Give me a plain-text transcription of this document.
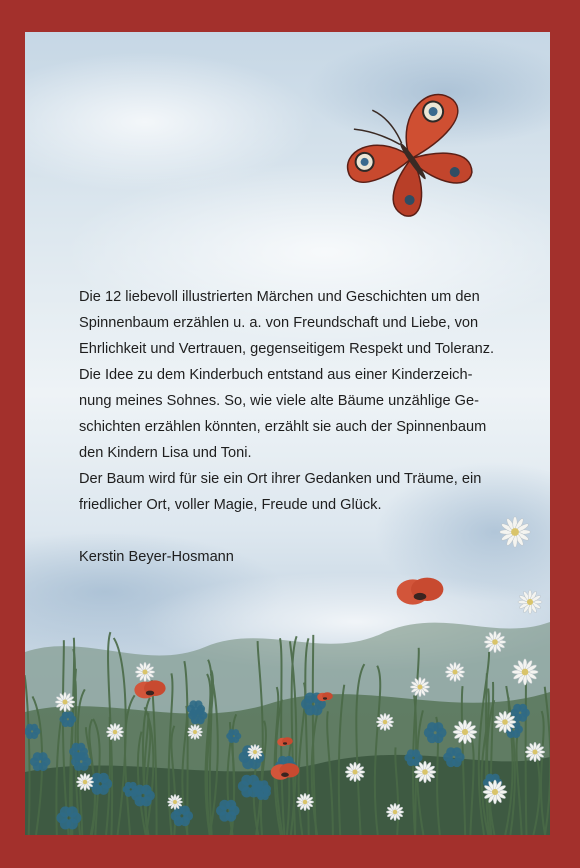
Die 12 liebevoll illustrierten Märchen und Geschichten um den
Spinnenbaum erzählen u. a. von Freundschaft und Liebe, von
Ehrlichkeit und Vertrauen, gegenseitigem Respekt und Toleranz.
Die Idee zu dem Kinderbuch entstand aus einer Kinderzeich-
nung meines Sohnes. So, wie viele alte Bäume unzählige Ge-
schichten erzählen könnten, erzählt sie auch der Spinnenbaum
den Kindern Lisa und Toni.

Der Baum wird für sie ein Ort ihrer Gedanken und Träume, ein
friedlicher Ort, voller Magie, Freude und Glück.

Kerstin Beyer-Hosmann
